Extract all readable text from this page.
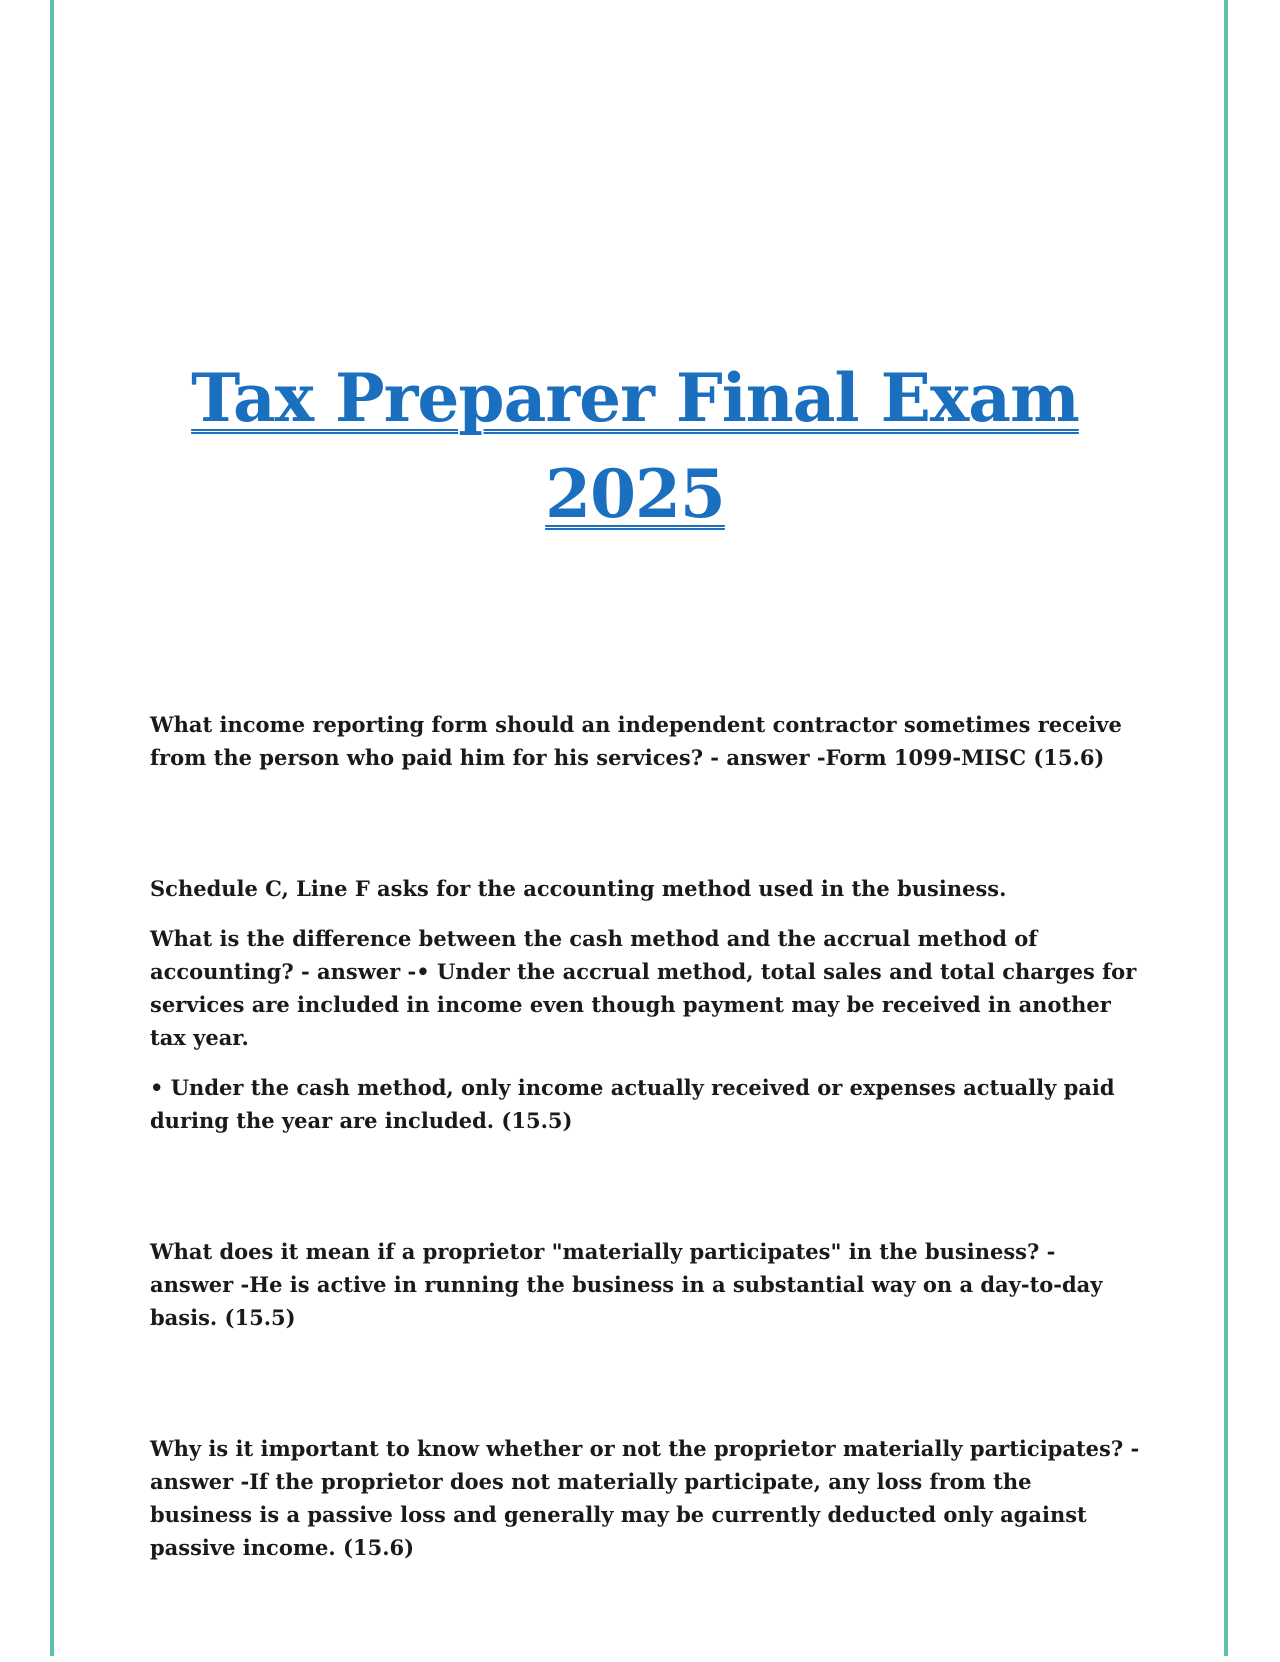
Tax Preparer Final Exam
2025

What income reporting form should an independent contractor sometimes receive from the person who paid him for his services? - answer -Form 1099-MISC (15.6)

Schedule C, Line F asks for the accounting method used in the business.

What is the difference between the cash method and the accrual method of accounting? - answer -• Under the accrual method, total sales and total charges for services are included in income even though payment may be received in another tax year.

• Under the cash method, only income actually received or expenses actually paid during the year are included. (15.5)

What does it mean if a proprietor "materially participates" in the business? - answer -He is active in running the business in a substantial way on a day-to-day basis. (15.5)

Why is it important to know whether or not the proprietor materially participates? - answer -If the proprietor does not materially participate, any loss from the business is a passive loss and generally may be currently deducted only against passive income. (15.6)
